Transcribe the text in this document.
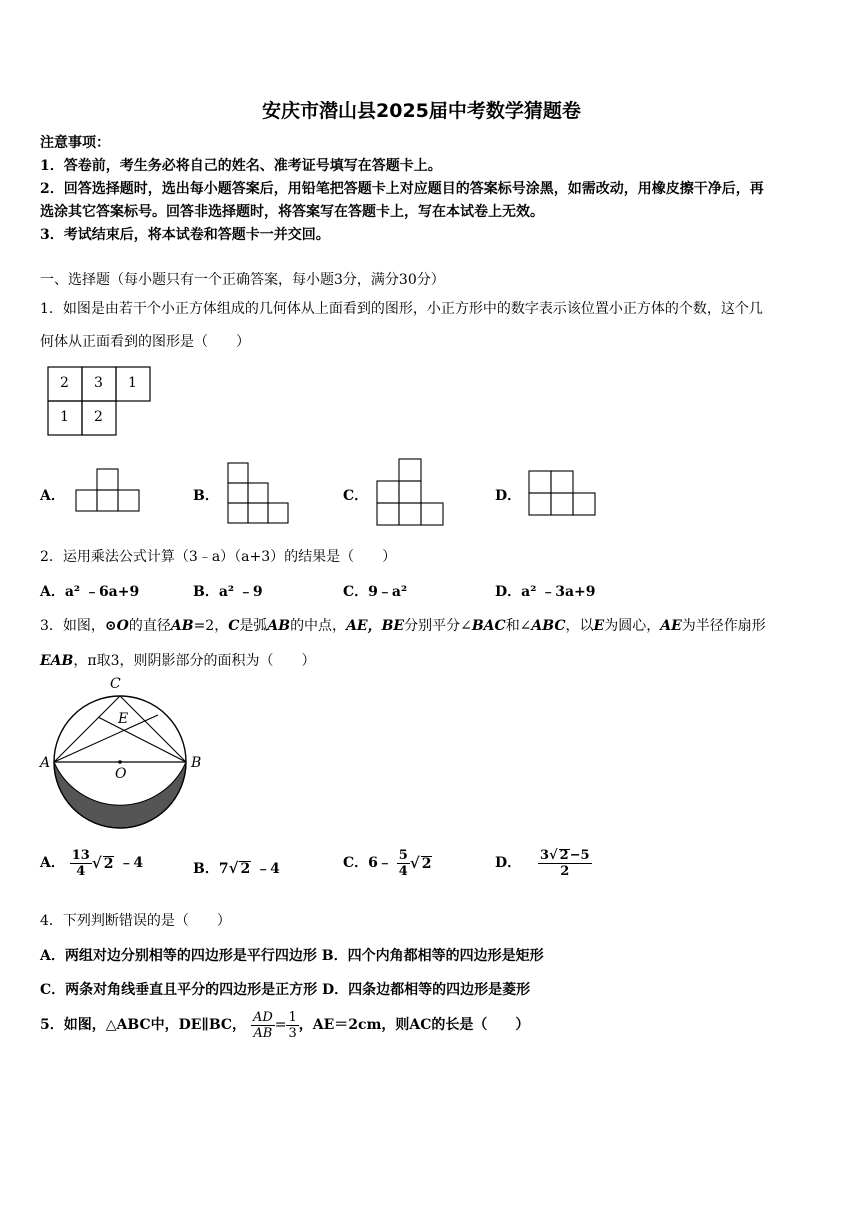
安庆市潜山县2025届中考数学猜题卷
注意事项：
1．答卷前，考生务必将自己的姓名、准考证号填写在答题卡上。
2．回答选择题时，选出每小题答案后，用铅笔把答题卡上对应题目的答案标号涂黑，如需改动，用橡皮擦干净后，再
选涂其它答案标号。回答非选择题时，将答案写在答题卡上，写在本试卷上无效。
3．考试结束后，将本试卷和答题卡一并交回。
一、选择题（每小题只有一个正确答案，每小题3分，满分30分）
1．如图是由若干个小正方体组成的几何体从上面看到的图形，小正方形中的数字表示该位置小正方体的个数，这个几
何体从正面看到的图形是（　　）
2 3 1
1 2
A．	B．	C．	D．
2．运用乘法公式计算（3﹣a）（a+3）的结果是（　　）
A．a² ﹣6a+9	B．a² ﹣9	C．9﹣a²	D．a² ﹣3a+9
3．如图，⊙O的直径AB=2，C是弧AB的中点，AE，BE分别平分∠BAC和∠ABC，以E为圆心，AE为半径作扇形
EAB，π取3，则阴影部分的面积为（　　）
C
E
A
O
B
A． $\frac{13}{4}$ √ 2 ﹣4	B．7√ 2 ﹣4	C．6﹣ $\frac{5}{4}$ √ 2	D． $\frac{3√ 2-5}{2}$
4．下列判断错误的是（　　）
A．两组对边分别相等的四边形是平行四边形 B．四个内角都相等的四边形是矩形
C．两条对角线垂直且平分的四边形是正方形 D．四条边都相等的四边形是菱形
5．如图，△ABC中，DE∥BC， $\frac{AD}{AB} = \frac{1}{3}$ ，AE＝2cm，则AC的长是（　　）
